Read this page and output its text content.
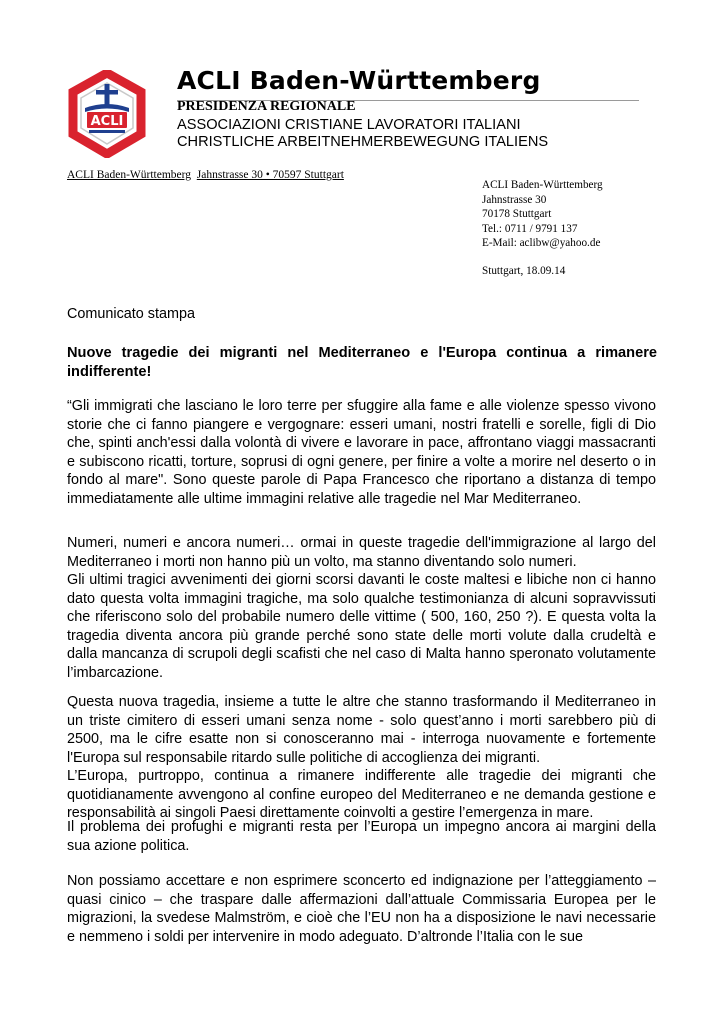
ACLI
ACLI Baden-Württemberg
PRESIDENZA REGIONALE
ASSOCIAZIONI CRISTIANE LAVORATORI ITALIANI
CHRISTLICHE ARBEITNEHMERBEWEGUNG ITALIENS
ACLI Baden-Württemberg Jahnstrasse 30 • 70597 Stuttgart
ACLI Baden-Württemberg
Jahnstrasse 30
70178 Stuttgart
Tel.: 0711 / 9791 137
E-Mail: aclibw@yahoo.de
Stuttgart, 18.09.14
Comunicato stampa
Nuove tragedie dei migranti nel Mediterraneo e l'Europa continua a rimanere indifferente!
“Gli immigrati che lasciano le loro terre per sfuggire alla fame e alle violenze spesso vivono storie che ci fanno piangere e vergognare: esseri umani, nostri fratelli e sorelle, figli di Dio che, spinti anch'essi dalla volontà di vivere e lavorare in pace, affrontano viaggi massacranti e subiscono ricatti, torture, soprusi di ogni genere, per finire a volte a morire nel deserto o in fondo al mare". Sono queste parole di Papa Francesco che riportano a distanza di tempo immediatamente alle ultime immagini relative alle tragedie nel Mar Mediterraneo.
Numeri, numeri e ancora numeri… ormai in queste tragedie dell'immigrazione al largo del Mediterraneo i morti non hanno più un volto, ma stanno diventando solo numeri.
Gli ultimi tragici avvenimenti dei giorni scorsi davanti le coste maltesi e libiche non ci hanno dato questa volta immagini tragiche, ma solo qualche testimonianza di alcuni sopravvissuti che riferiscono solo del probabile numero delle vittime ( 500, 160, 250 ?). E questa volta la tragedia diventa ancora più grande perché sono state delle morti volute dalla crudeltà e dalla mancanza di scrupoli degli scafisti che nel caso di Malta hanno speronato volutamente l’imbarcazione.
Questa nuova tragedia, insieme a tutte le altre che stanno trasformando il Mediterraneo in un triste cimitero di esseri umani senza nome - solo quest’anno i morti sarebbero più di 2500, ma le cifre esatte non si conosceranno mai - interroga nuovamente e fortemente l'Europa sul responsabile ritardo sulle politiche di accoglienza dei migranti.
L’Europa, purtroppo, continua a rimanere indifferente alle tragedie dei migranti che quotidianamente avvengono al confine europeo del Mediterraneo e ne demanda gestione e responsabilità ai singoli Paesi direttamente coinvolti a gestire l’emergenza in mare.
Il problema dei profughi e migranti resta per l’Europa un impegno ancora ai margini della sua azione politica.
Non possiamo accettare e non esprimere sconcerto ed indignazione per l’atteggiamento – quasi cinico – che traspare dalle affermazioni dall’attuale Commissaria Europea per le migrazioni, la svedese Malmström, e cioè che l’EU non ha a disposizione le navi necessarie e nemmeno i soldi per intervenire in modo adeguato. D’altronde l’Italia con le sue
